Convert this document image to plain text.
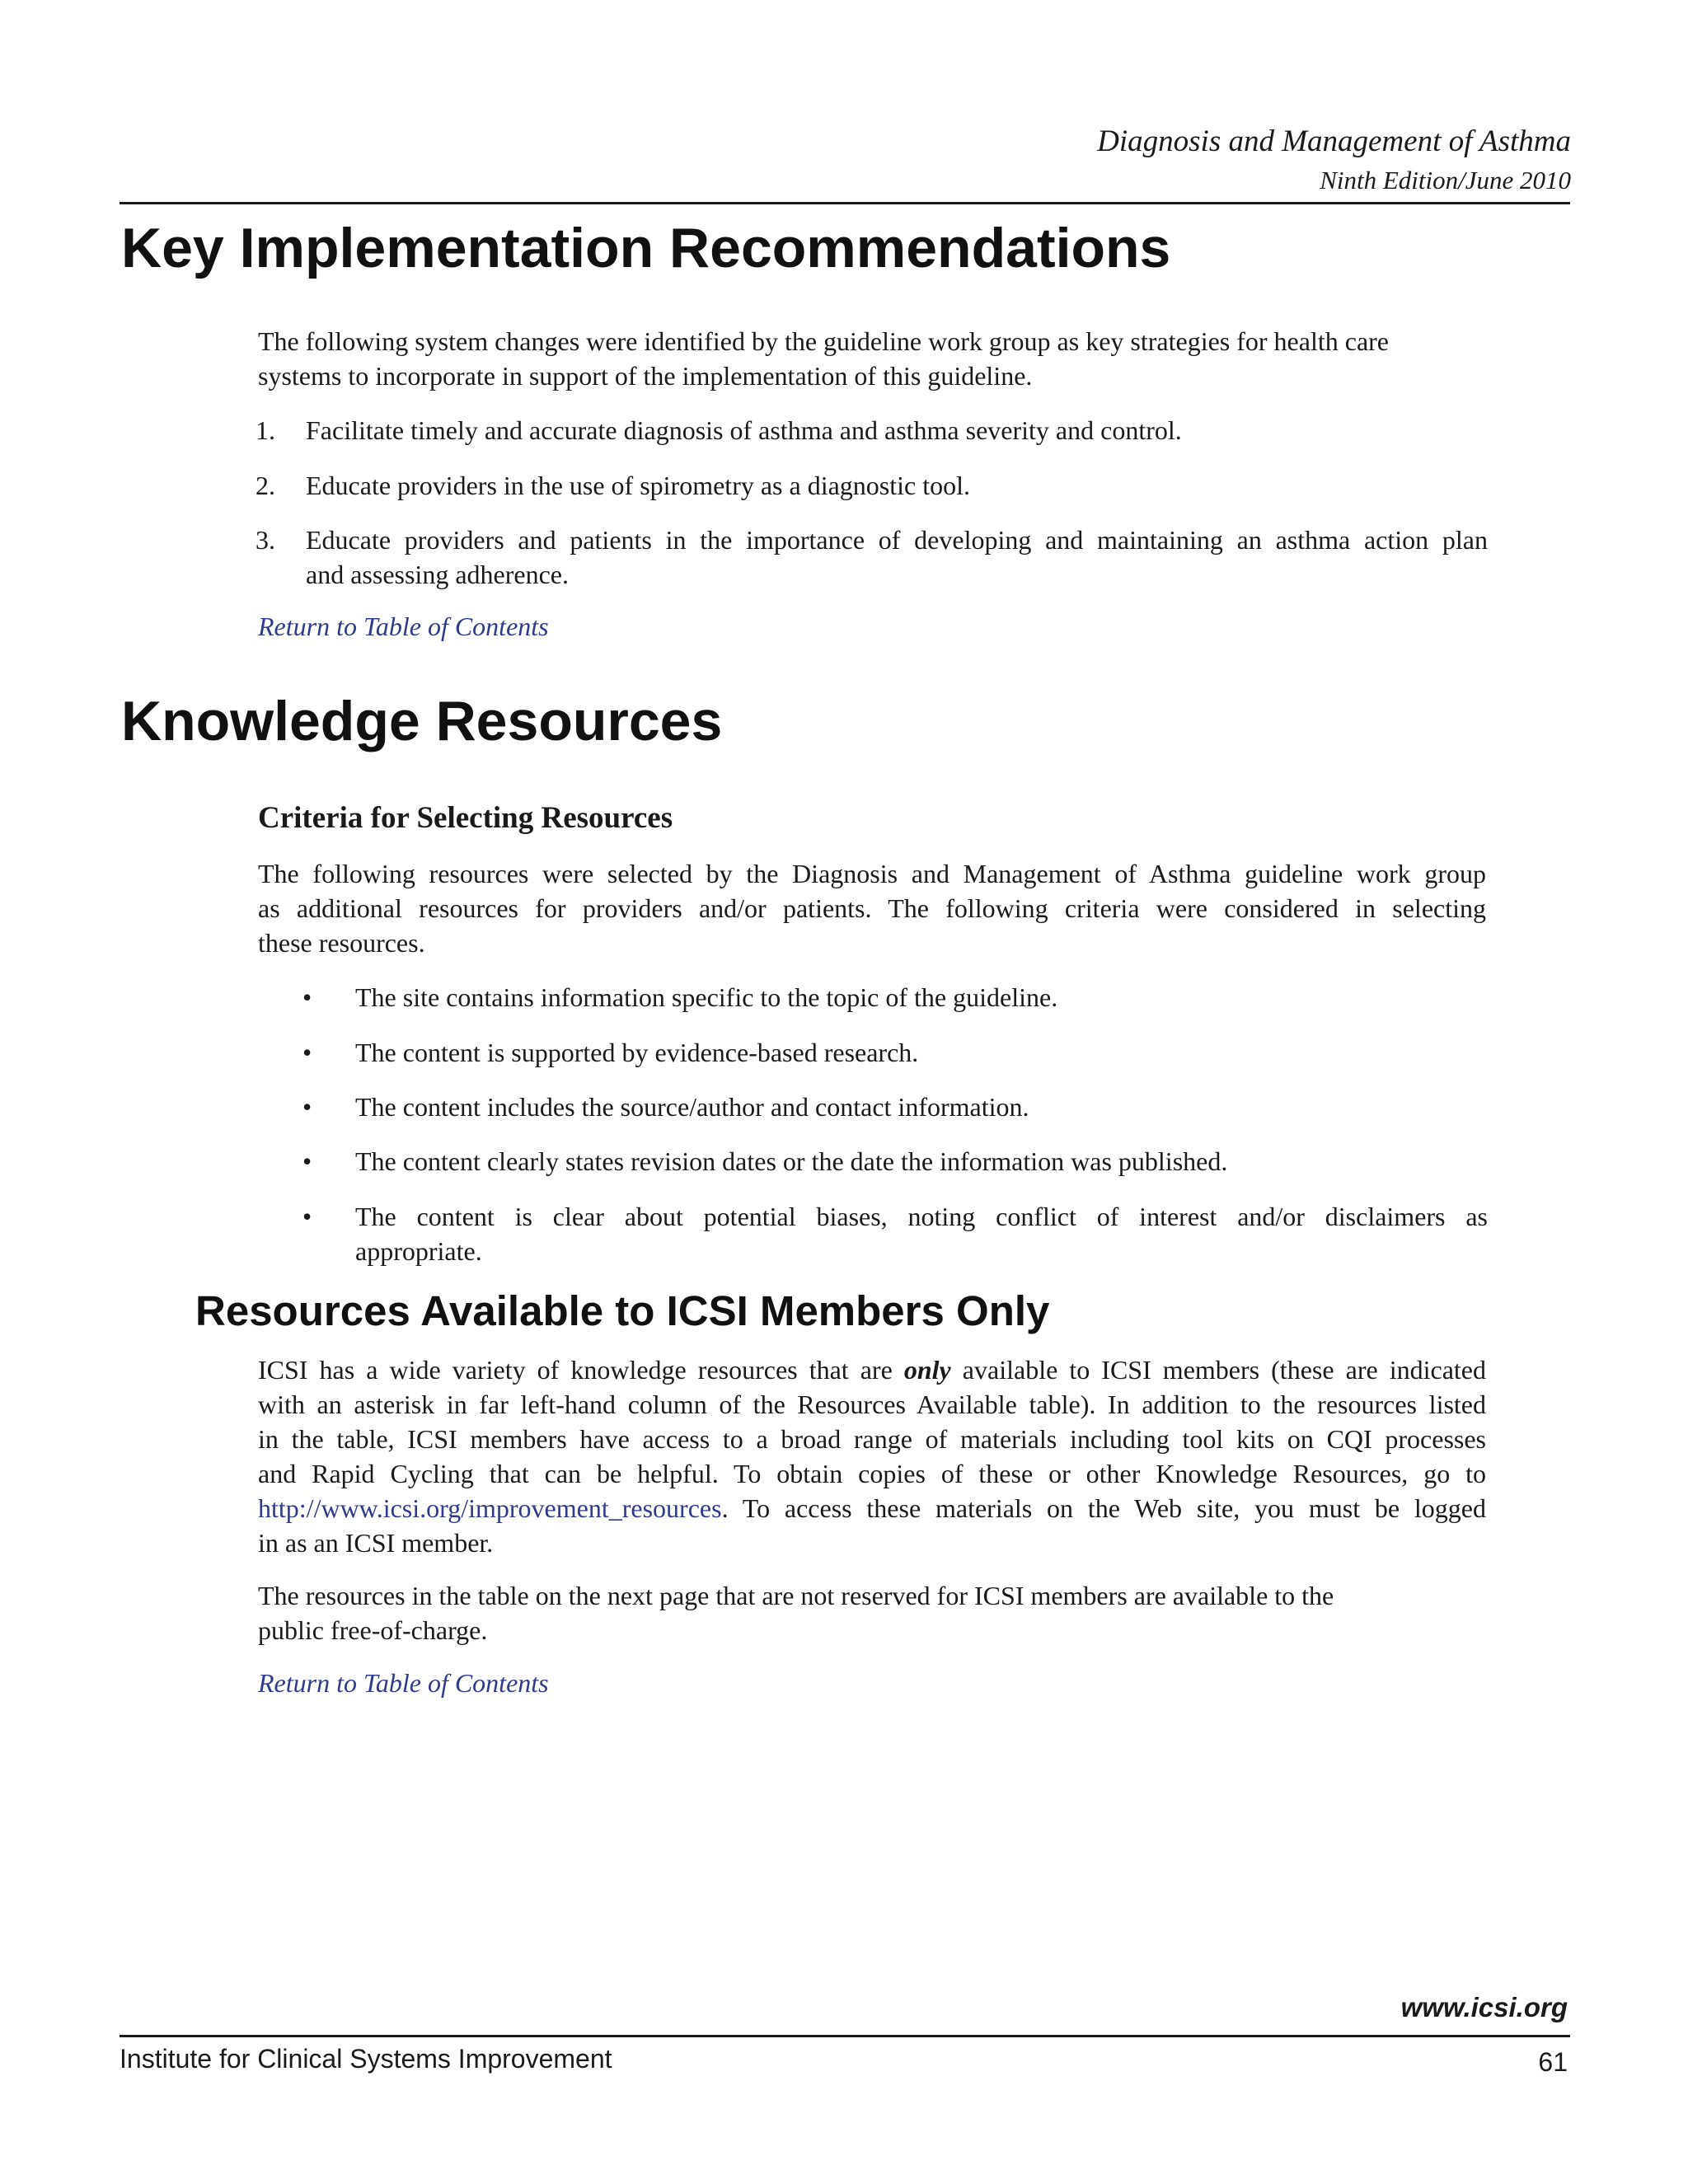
Diagnosis and Management of Asthma
Ninth Edition/June 2010
Key Implementation Recommendations
The following system changes were identified by the guideline work group as key strategies for health care
systems to incorporate in support of the implementation of this guideline.
1. Facilitate timely and accurate diagnosis of asthma and asthma severity and control.
2. Educate providers in the use of spirometry as a diagnostic tool.
3. Educate providers and patients in the importance of developing and maintaining an asthma action plan
and assessing adherence.
Return to Table of Contents
Knowledge Resources
Criteria for Selecting Resources
The following resources were selected by the Diagnosis and Management of Asthma guideline work group
as additional resources for providers and/or patients. The following criteria were considered in selecting
these resources.
• The site contains information specific to the topic of the guideline.
• The content is supported by evidence-based research.
• The content includes the source/author and contact information.
• The content clearly states revision dates or the date the information was published.
• The content is clear about potential biases, noting conflict of interest and/or disclaimers as
appropriate.
Resources Available to ICSI Members Only
ICSI has a wide variety of knowledge resources that are only available to ICSI members (these are indicated
with an asterisk in far left-hand column of the Resources Available table). In addition to the resources listed
in the table, ICSI members have access to a broad range of materials including tool kits on CQI processes
and Rapid Cycling that can be helpful. To obtain copies of these or other Knowledge Resources, go to
http://www.icsi.org/improvement_resources. To access these materials on the Web site, you must be logged
in as an ICSI member.
The resources in the table on the next page that are not reserved for ICSI members are available to the
public free-of-charge.
Return to Table of Contents
www.icsi.org
Institute for Clinical Systems Improvement	61
